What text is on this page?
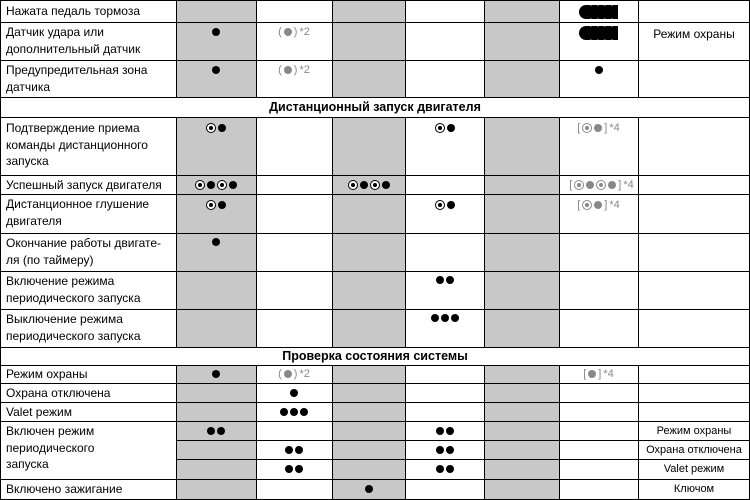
Нажата педаль тормоза
Датчик удара или
дополнительный датчик
Предупредительная зона
датчика
Дистанционный запуск двигателя
Подтверждение приема
команды дистанционного
запуска
Успешный запуск двигателя
Дистанционное глушение
двигателя
Окончание работы двигате-
ля (по таймеру)
Включение режима
периодического запуска
Выключение режима
периодического запуска
Проверка состояния системы
Режим охраны
Охрана отключена
Valet режим
Включен режим
периодического
запуска
Включено зажигание
Режим охраны
Режим охраны
Охрана отключена
Valet режим
Ключом
( ) *2
( ) *2
[ ] *4
[	] *4
[ ] *4
( ) *2	[ ] *4
